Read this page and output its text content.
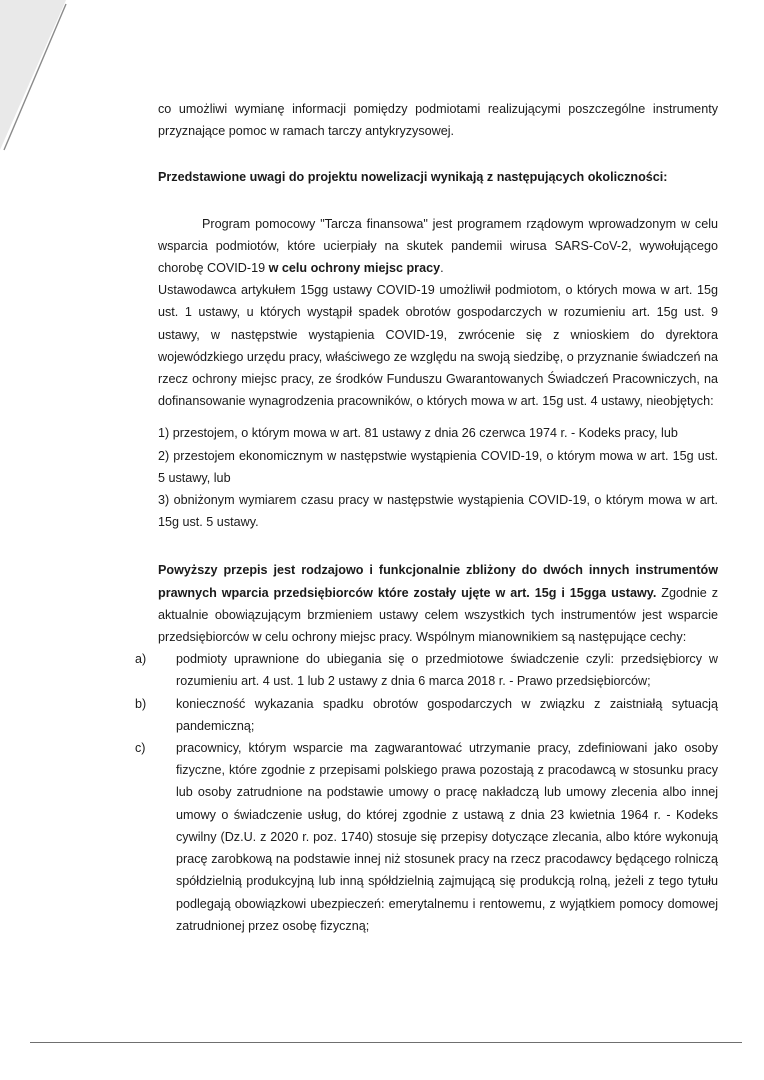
co umożliwi wymianę informacji pomiędzy podmiotami realizującymi poszczególne instrumenty przyznające pomoc w ramach tarczy antykryzysowej.

Przedstawione uwagi do projektu nowelizacji wynikają z następujących okoliczności:

Program pomocowy "Tarcza finansowa" jest programem rządowym wprowadzonym w celu wsparcia podmiotów, które ucierpiały na skutek pandemii wirusa SARS-CoV-2, wywołującego chorobę COVID-19 w celu ochrony miejsc pracy.

Ustawodawca artykułem 15gg ustawy COVID-19 umożliwił podmiotom, o których mowa w art. 15g ust. 1 ustawy, u których wystąpił spadek obrotów gospodarczych w rozumieniu art. 15g ust. 9 ustawy, w następstwie wystąpienia COVID-19, zwrócenie się z wnioskiem do dyrektora wojewódzkiego urzędu pracy, właściwego ze względu na swoją siedzibę, o przyznanie świadczeń na rzecz ochrony miejsc pracy, ze środków Funduszu Gwarantowanych Świadczeń Pracowniczych, na dofinansowanie wynagrodzenia pracowników, o których mowa w art. 15g ust. 4 ustawy, nieobjętych:

1) przestojem, o którym mowa w art. 81 ustawy z dnia 26 czerwca 1974 r. - Kodeks pracy, lub

2) przestojem ekonomicznym w następstwie wystąpienia COVID-19, o którym mowa w art. 15g ust. 5 ustawy, lub

3) obniżonym wymiarem czasu pracy w następstwie wystąpienia COVID-19, o którym mowa w art. 15g ust. 5 ustawy.

Powyższy przepis jest rodzajowo i funkcjonalnie zbliżony do dwóch innych instrumentów prawnych wparcia przedsiębiorców które zostały ujęte w art. 15g i 15gga ustawy. Zgodnie z aktualnie obowiązującym brzmieniem ustawy celem wszystkich tych instrumentów jest wsparcie przedsiębiorców w celu ochrony miejsc pracy. Wspólnym mianownikiem są następujące cechy:

a) podmioty uprawnione do ubiegania się o przedmiotowe świadczenie czyli: przedsiębiorcy w rozumieniu art. 4 ust. 1 lub 2 ustawy z dnia 6 marca 2018 r. - Prawo przedsiębiorców;

b) konieczność wykazania spadku obrotów gospodarczych w związku z zaistniałą sytuacją pandemiczną;

c) pracownicy, którym wsparcie ma zagwarantować utrzymanie pracy, zdefiniowani jako osoby fizyczne, które zgodnie z przepisami polskiego prawa pozostają z pracodawcą w stosunku pracy lub osoby zatrudnione na podstawie umowy o pracę nakładczą lub umowy zlecenia albo innej umowy o świadczenie usług, do której zgodnie z ustawą z dnia 23 kwietnia 1964 r. - Kodeks cywilny (Dz.U. z 2020 r. poz. 1740) stosuje się przepisy dotyczące zlecania, albo które wykonują pracę zarobkową na podstawie innej niż stosunek pracy na rzecz pracodawcy będącego rolniczą spółdzielnią produkcyjną lub inną spółdzielnią zajmującą się produkcją rolną, jeżeli z tego tytułu podlegają obowiązkowi ubezpieczeń: emerytalnemu i rentowemu, z wyjątkiem pomocy domowej zatrudnionej przez osobę fizyczną;
